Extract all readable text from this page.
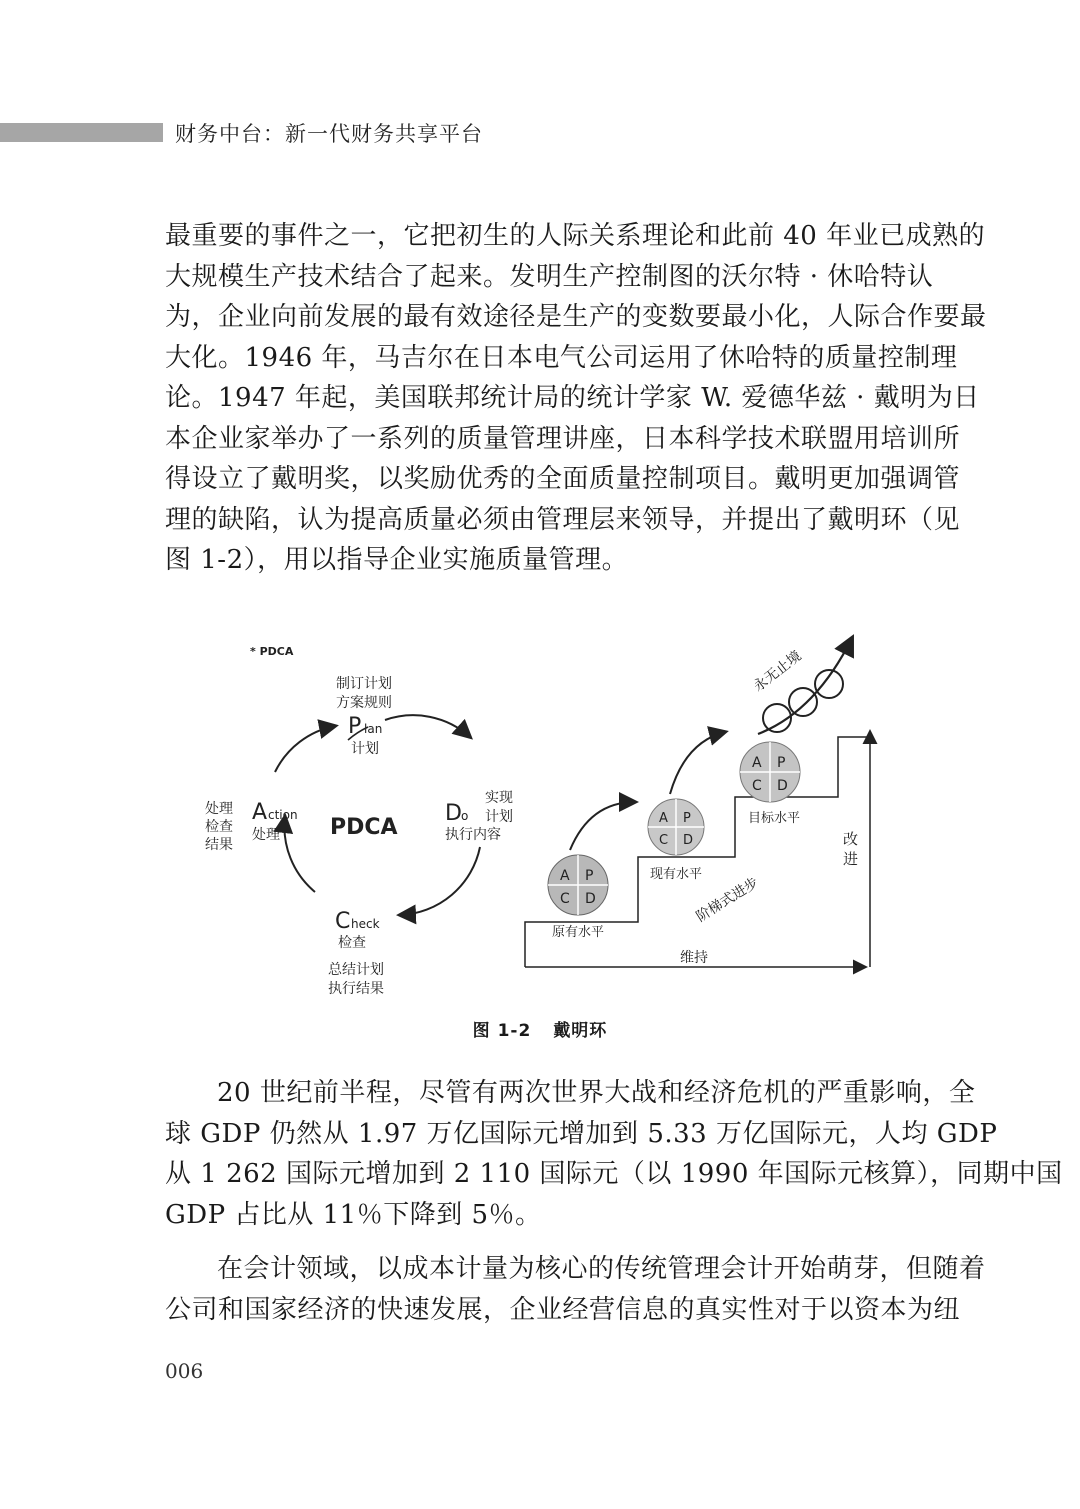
财务中台：新一代财务共享平台
最重要的事件之一，它把初生的人际关系理论和此前 40 年业已成熟的
大规模生产技术结合了起来。发明生产控制图的沃尔特 · 休哈特认
为，企业向前发展的最有效途径是生产的变数要最小化，人际合作要最
大化。1946 年，马吉尔在日本电气公司运用了休哈特的质量控制理
论。1947 年起，美国联邦统计局的统计学家 W. 爱德华兹 · 戴明为日
本企业家举办了一系列的质量管理讲座，日本科学技术联盟用培训所
得设立了戴明奖，以奖励优秀的全面质量控制项目。戴明更加强调管
理的缺陷，认为提高质量必须由管理层来领导，并提出了戴明环（见
图 1-2），用以指导企业实施质量管理。
* PDCA
制订计划
方案规则
P lan
计划
实现
计划
D o
执行内容
C heck
检查
总结计划
执行结果
处理
检查
结果
A ction
处理 PDCA
A P
C D
原有水平
A P
C D
现有水平
A P
C D
目标水平
永无止境
阶梯式进步
改
进
维持
图 1-2 戴明环
20 世纪前半程，尽管有两次世界大战和经济危机的严重影响，全
球 GDP 仍然从 1.97 万亿国际元增加到 5.33 万亿国际元，人均 GDP
从 1 262 国际元增加到 2 110 国际元（以 1990 年国际元核算），同期中国
GDP 占比从 11％下降到 5％。
在会计领域，以成本计量为核心的传统管理会计开始萌芽，但随着
公司和国家经济的快速发展，企业经营信息的真实性对于以资本为纽
006
